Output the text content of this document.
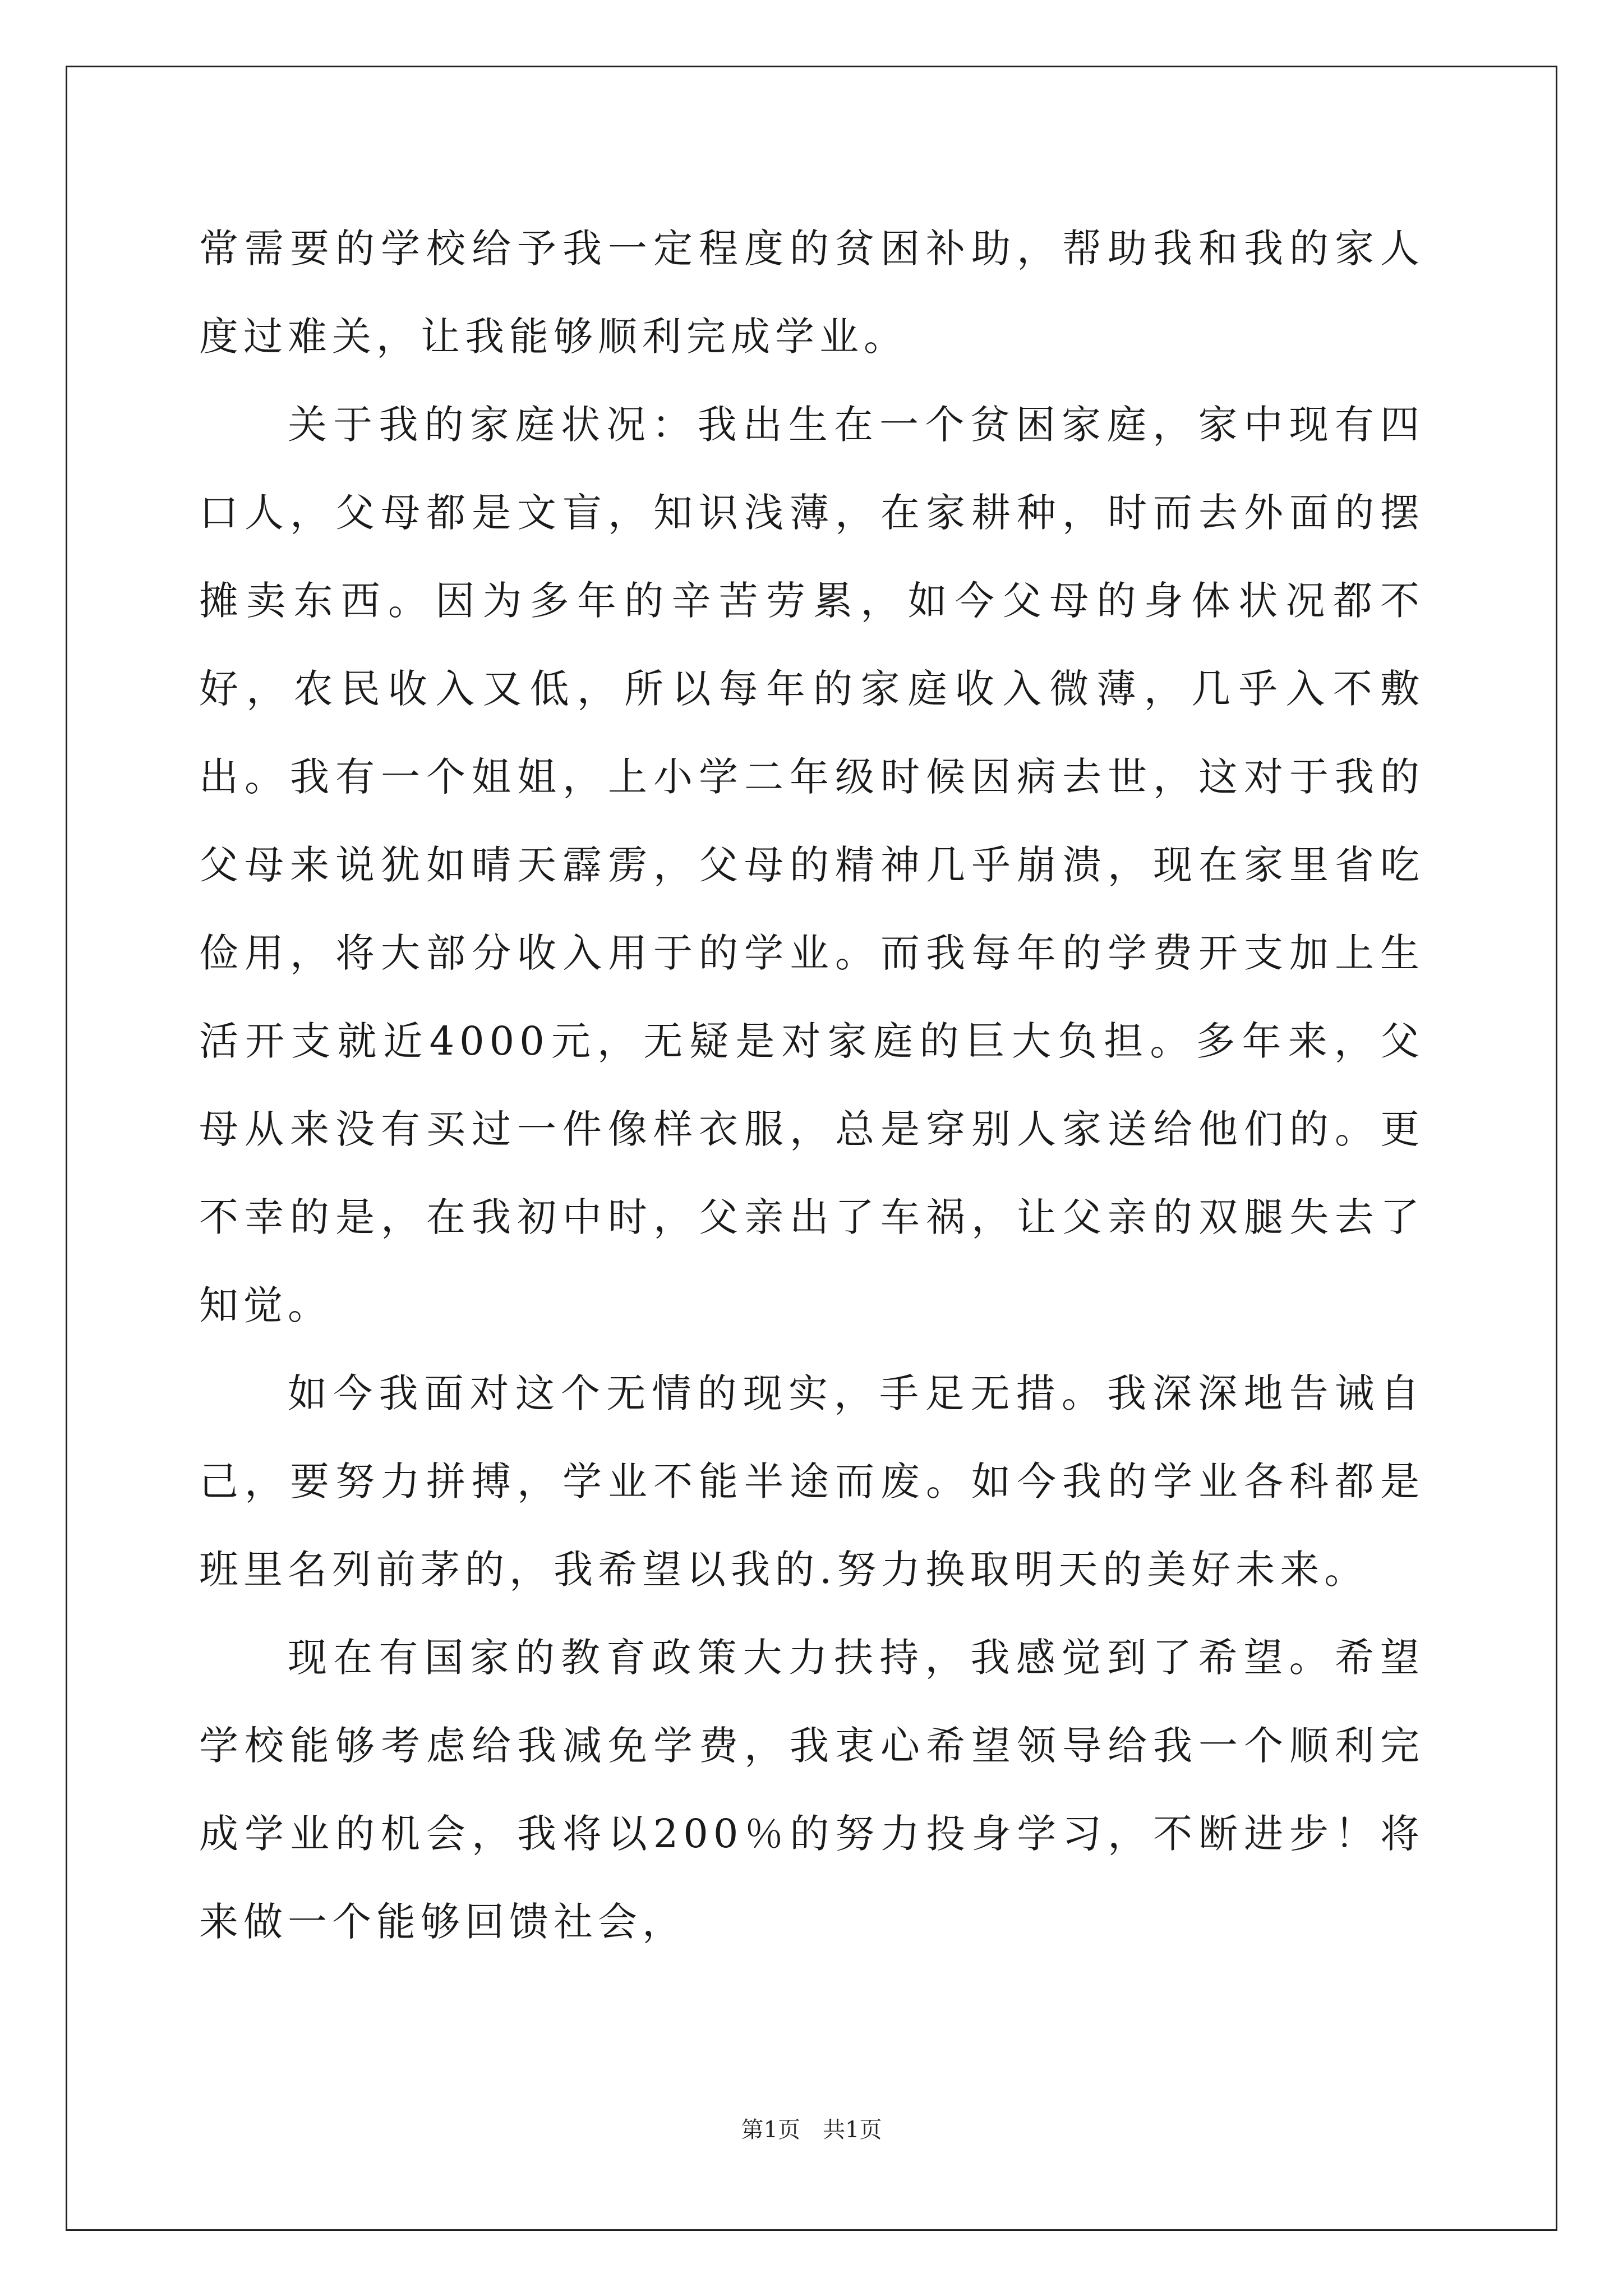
常需要的学校给予我一定程度的贫困补助，帮助我和我的家人度过难关，让我能够顺利完成学业。

关于我的家庭状况：我出生在一个贫困家庭，家中现有四口人，父母都是文盲，知识浅薄，在家耕种，时而去外面的摆摊卖东西。因为多年的辛苦劳累，如今父母的身体状况都不好，农民收入又低，所以每年的家庭收入微薄，几乎入不敷出。我有一个姐姐，上小学二年级时候因病去世，这对于我的父母来说犹如晴天霹雳，父母的精神几乎崩溃，现在家里省吃俭用，将大部分收入用于的学业。而我每年的学费开支加上生活开支就近4000元，无疑是对家庭的巨大负担。多年来，父母从来没有买过一件像样衣服，总是穿别人家送给他们的。更不幸的是，在我初中时，父亲出了车祸，让父亲的双腿失去了知觉。

如今我面对这个无情的现实，手足无措。我深深地告诫自己，要努力拼搏，学业不能半途而废。如今我的学业各科都是班里名列前茅的，我希望以我的.努力换取明天的美好未来。

现在有国家的教育政策大力扶持，我感觉到了希望。希望学校能够考虑给我减免学费，我衷心希望领导给我一个顺利完成学业的机会，我将以200％的努力投身学习，不断进步！将来做一个能够回馈社会，

第1页　共1页
